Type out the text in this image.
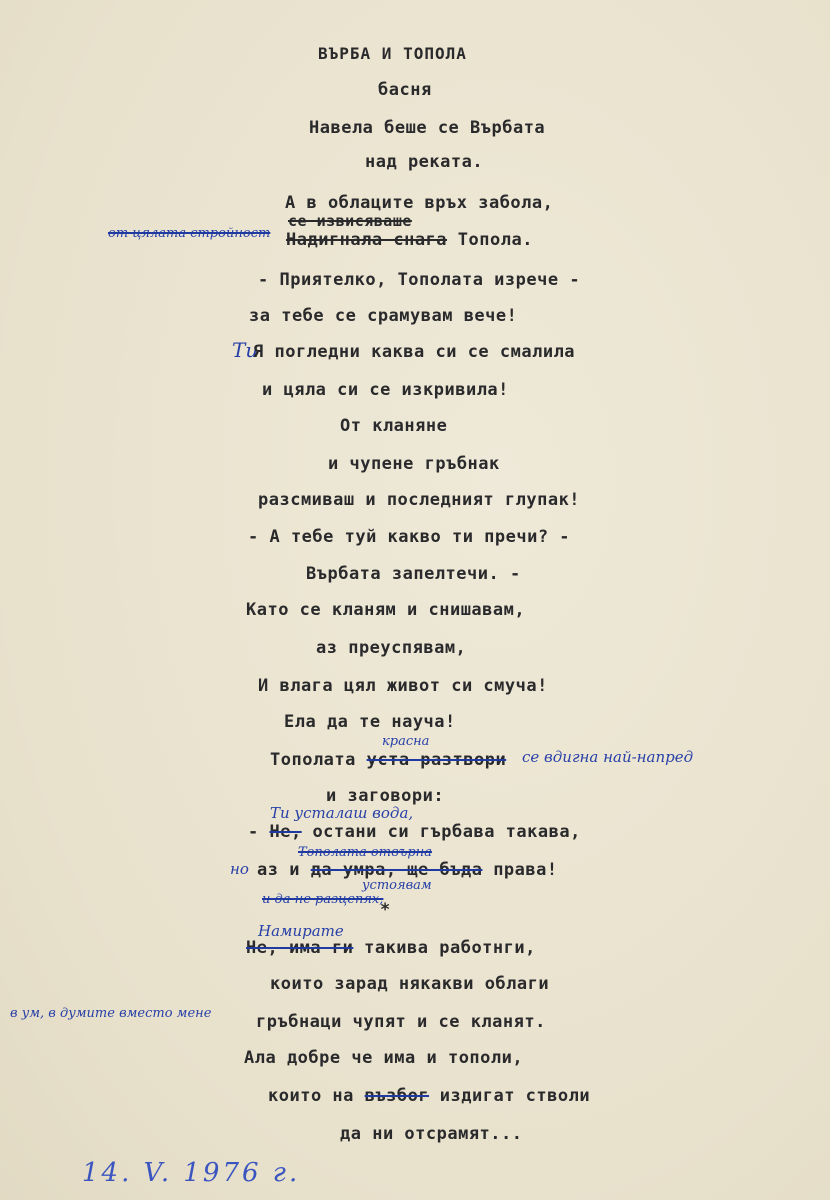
ВЪРБА И ТОПОЛА
басня
Навела беше се Върбата
над реката.
А в облаците връх забола,
се извисяваше
от цялата стройност Надигнала снага Топола.
- Приятелко, Тополата изрече -
за тебе се срамувам вече!
Ти
Я погледни каква си се смалила
и цяла си се изкривила!
От кланяне
и чупене гръбнак
разсмиваш и последният глупак!
- А тебе туй какво ти пречи? -
Върбата запелтечи. -
Като се кланям и снишавам,
аз преуспявам,
И влага цял живот си смуча!
Ела да те науча!
красна
Тополата уста разтвори се вдигна най-напред
и заговори:
Ти усталаш вода,
- Не, остани си гърбава такава,
Тополата отвърна
но аз и да умра, ще бъда права!
устоявам
и да не разцепях,
*
Намирате
Не, има ги такива работнги,
които зарад някакви облаги
в ум, в думите вместо мене	гръбнаци чупят и се кланят.
Ала добре че има и тополи,
които на възбог издигат стволи
да ни отсрамят...
14. V. 1976 г.
